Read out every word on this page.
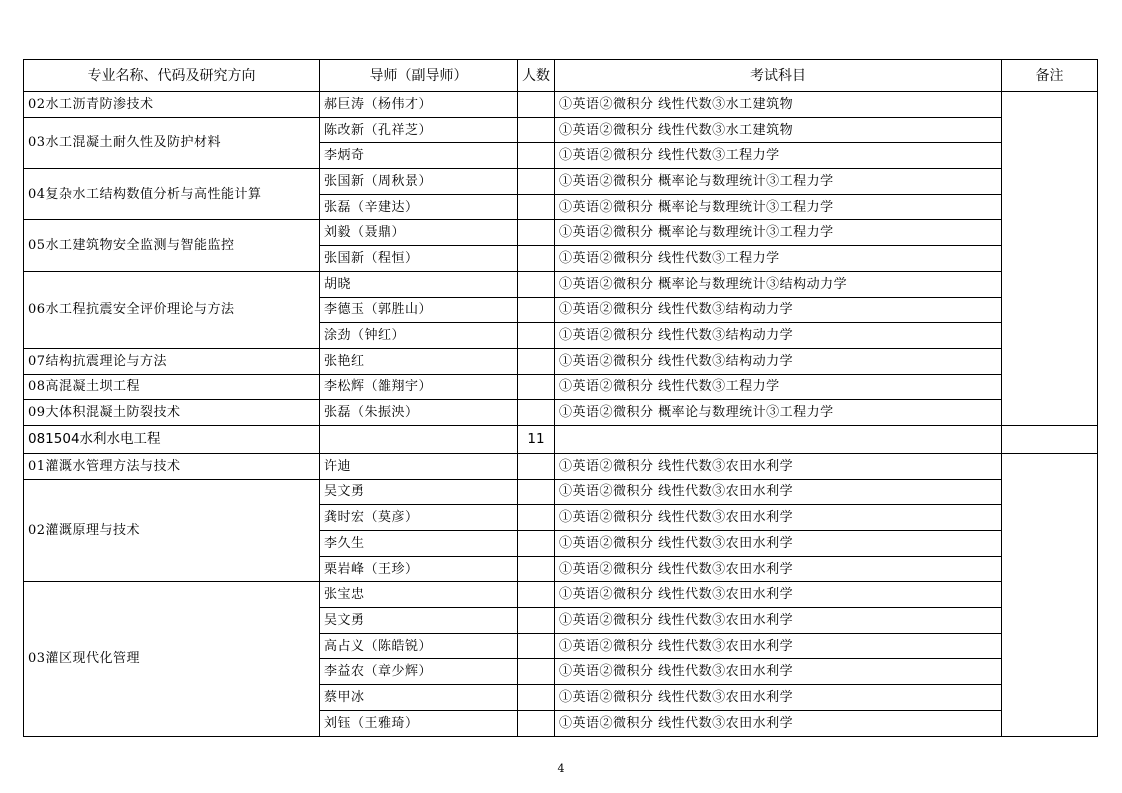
专业名称、代码及研究方向	导师（副导师）	人数	考试科目	备注
02水工沥青防渗技术	郝巨涛（杨伟才）		①英语②微积分 线性代数③水工建筑物	
03水工混凝土耐久性及防护材料	陈改新（孔祥芝）		①英语②微积分 线性代数③水工建筑物	
	李炳奇		①英语②微积分 线性代数③工程力学	
04复杂水工结构数值分析与高性能计算	张国新（周秋景）		①英语②微积分 概率论与数理统计③工程力学	
	张磊（辛建达）		①英语②微积分 概率论与数理统计③工程力学	
05水工建筑物安全监测与智能监控	刘毅（聂鼎）		①英语②微积分 概率论与数理统计③工程力学	
	张国新（程恒）		①英语②微积分 线性代数③工程力学	
06水工程抗震安全评价理论与方法	胡晓		①英语②微积分 概率论与数理统计③结构动力学	
	李德玉（郭胜山）		①英语②微积分 线性代数③结构动力学	
	涂劲（钟红）		①英语②微积分 线性代数③结构动力学	
07结构抗震理论与方法	张艳红		①英语②微积分 线性代数③结构动力学	
08高混凝土坝工程	李松辉（雒翔宇）		①英语②微积分 线性代数③工程力学	
09大体积混凝土防裂技术	张磊（朱振泱）		①英语②微积分 概率论与数理统计③工程力学	
081504水利水电工程		11		
01灌溉水管理方法与技术	许迪		①英语②微积分 线性代数③农田水利学	
02灌溉原理与技术	吴文勇		①英语②微积分 线性代数③农田水利学	
	龚时宏（莫彦）		①英语②微积分 线性代数③农田水利学	
	李久生		①英语②微积分 线性代数③农田水利学	
	栗岩峰（王珍）		①英语②微积分 线性代数③农田水利学	
03灌区现代化管理	张宝忠		①英语②微积分 线性代数③农田水利学	
	吴文勇		①英语②微积分 线性代数③农田水利学	
	高占义（陈皓锐）		①英语②微积分 线性代数③农田水利学	
	李益农（章少辉）		①英语②微积分 线性代数③农田水利学	
	蔡甲冰		①英语②微积分 线性代数③农田水利学	
	刘钰（王雅琦）		①英语②微积分 线性代数③农田水利学	
4
